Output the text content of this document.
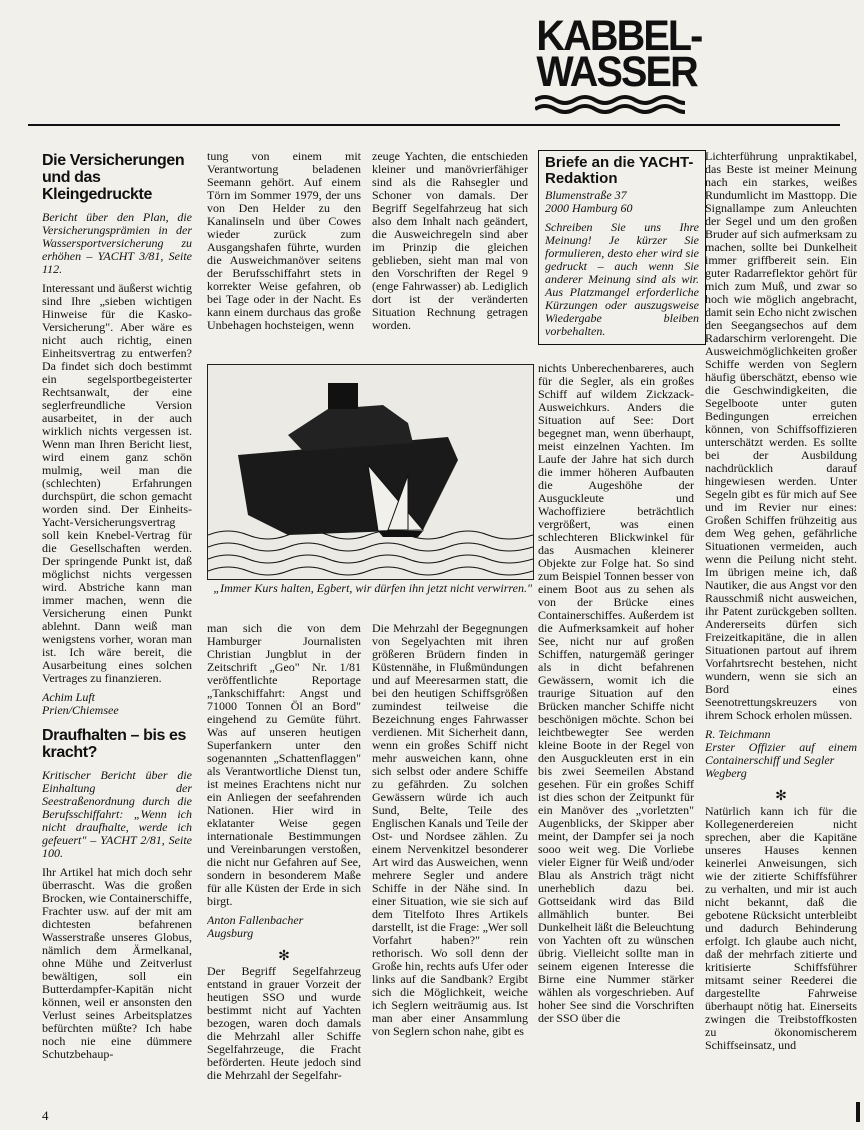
KABBEL-
WASSER
Die Versicherungen und das Kleingedruckte

Bericht über den Plan, die Versicherungsprämien in der Wassersportversicherung zu erhöhen – YACHT 3/81, Seite 112.

Interessant und äußerst wichtig sind Ihre „sieben wichtigen Hinweise für die Kasko-Versicherung". Aber wäre es nicht auch richtig, einen Einheitsvertrag zu entwerfen? Da findet sich doch bestimmt ein segelsportbegeisterter Rechtsanwalt, der eine seglerfreundliche Version ausarbeitet, in der auch wirklich nichts vergessen ist. Wenn man Ihren Bericht liest, wird einem ganz schön mulmig, weil man die (schlechten) Erfahrungen durchspürt, die schon gemacht worden sind. Der Einheits-Yacht-Versicherungsvertrag soll kein Knebel-Vertrag für die Gesellschaften werden. Der springende Punkt ist, daß möglichst nichts vergessen wird. Abstriche kann man immer machen, wenn die Versicherung einen Punkt ablehnt. Dann weiß man wenigstens vorher, woran man ist. Ich wäre bereit, die Ausarbeitung eines solchen Vertrages zu finanzieren.

Achim Luft
Prien/Chiemsee
Draufhalten – bis es kracht?

Kritischer Bericht über die Einhaltung der Seestraßenordnung durch die Berufsschiffahrt: „Wenn ich nicht draufhalte, werde ich gefeuert" – YACHT 2/81, Seite 100.

Ihr Artikel hat mich doch sehr überrascht. Was die großen Brocken, wie Containerschiffe, Frachter usw. auf der mit am dichtesten befahrenen Wasserstraße unseres Globus, nämlich dem Ärmelkanal, ohne Mühe und Zeitverlust bewältigen, soll ein Butterdampfer-Kapitän nicht können, weil er ansonsten den Verlust seines Arbeitsplatzes befürchten müßte? Ich habe noch nie eine dümmere Schutzbehaup-

tung von einem mit Verantwortung beladenen Seemann gehört. Auf einem Törn im Sommer 1979, der uns von Den Helder zu den Kanalinseln und über Cowes wieder zurück zum Ausgangshafen führte, wurden die Ausweichmanöver seitens der Berufsschiffahrt stets in korrekter Weise gefahren, ob bei Tage oder in der Nacht. Es kann einem durchaus das große Unbehagen hochsteigen, wenn

zeuge Yachten, die entschieden kleiner und manövrierfähiger sind als die Rahsegler und Schoner von damals. Der Begriff Segelfahrzeug hat sich also dem Inhalt nach geändert, die Ausweichregeln sind aber im Prinzip die gleichen geblieben, sieht man mal von den Vorschriften der Regel 9 (enge Fahrwasser) ab. Lediglich dort ist der veränderten Situation Rechnung getragen worden.

„Immer Kurs halten, Egbert, wir dürfen ihn jetzt nicht verwirren."

man sich die von dem Hamburger Journalisten Christian Jungblut in der Zeitschrift „Geo" Nr. 1/81 veröffentlichte Reportage „Tankschiffahrt: Angst und 71000 Tonnen Öl an Bord" eingehend zu Gemüte führt. Was auf unseren heutigen Superfankern unter den sogenannten „Schattenflaggen" als Verantwortliche Dienst tun, ist meines Erachtens nicht nur ein Anliegen der seefahrenden Nationen. Hier wird in eklatanter Weise gegen internationale Bestimmungen und Vereinbarungen verstoßen, die nicht nur Gefahren auf See, sondern in besonderem Maße für alle Küsten der Erde in sich birgt.

Anton Fallenbacher
Augsburg
✻

Der Begriff Segelfahrzeug entstand in grauer Vorzeit der heutigen SSO und wurde bestimmt nicht auf Yachten bezogen, waren doch damals die Mehrzahl aller Schiffe Segelfahrzeuge, die Fracht beförderten. Heute jedoch sind die Mehrzahl der Segelfahr-

Die Mehrzahl der Begegnungen von Segelyachten mit ihren größeren Brüdern finden in Küstennähe, in Flußmündungen und auf Meeresarmen statt, die bei den heutigen Schiffsgrößen zumindest teilweise die Bezeichnung enges Fahrwasser verdienen. Mit Sicherheit dann, wenn ein großes Schiff nicht mehr ausweichen kann, ohne sich selbst oder andere Schiffe zu gefährden. Zu solchen Gewässern würde ich auch Sund, Belte, Teile des Englischen Kanals und Teile der Ost- und Nordsee zählen. Zu einem Nervenkitzel besonderer Art wird das Ausweichen, wenn mehrere Segler und andere Schiffe in der Nähe sind. In einer Situation, wie sie sich auf dem Titelfoto Ihres Artikels darstellt, ist die Frage: „Wer soll Vorfahrt haben?" rein rethorisch. Wo soll denn der Große hin, rechts aufs Ufer oder links auf die Sandbank? Ergibt sich die Möglichkeit, weiche ich Seglern weiträumig aus. Ist man aber einer Ansammlung von Seglern schon nahe, gibt es

Briefe an die YACHT-Redaktion
Blumenstraße 37
2000 Hamburg 60
Schreiben Sie uns Ihre Meinung! Je kürzer Sie formulieren, desto eher wird sie gedruckt – auch wenn Sie anderer Meinung sind als wir. Aus Platzmangel erforderliche Kürzungen oder auszugsweise Wiedergabe bleiben vorbehalten.

nichts Unberechenbareres, auch für die Segler, als ein großes Schiff auf wildem Zickzack-Ausweichkurs. Anders die Situation auf See: Dort begegnet man, wenn überhaupt, meist einzelnen Yachten. Im Laufe der Jahre hat sich durch die immer höheren Aufbauten die Augeshöhe der Ausguckleute und Wachoffiziere beträchtlich vergrößert, was einen schlechteren Blickwinkel für das Ausmachen kleinerer Objekte zur Folge hat. So sind zum Beispiel Tonnen besser von einem Boot aus zu sehen als von der Brücke eines Containerschiffes. Außerdem ist die Aufmerksamkeit auf hoher See, nicht nur auf großen Schiffen, naturgemäß geringer als in dicht befahrenen Gewässern, womit ich die traurige Situation auf den Brücken mancher Schiffe nicht beschönigen möchte. Schon bei leichtbewegter See werden kleine Boote in der Regel von den Ausguckleuten erst in ein bis zwei Seemeilen Abstand gesehen. Für ein großes Schiff ist dies schon der Zeitpunkt für ein Manöver des „vorletzten" Augenblicks, der Skipper aber meint, der Dampfer sei ja noch sooo weit weg. Die Vorliebe vieler Eigner für Weiß und/oder Blau als Anstrich trägt nicht unerheblich dazu bei. Gottseidank wird das Bild allmählich bunter. Bei Dunkelheit läßt die Beleuchtung von Yachten oft zu wünschen übrig. Vielleicht sollte man in seinem eigenen Interesse die Birne eine Nummer stärker wählen als vorgeschrieben. Auf hoher See sind die Vorschriften der SSO über die

Lichterführung unpraktikabel, das Beste ist meiner Meinung nach ein starkes, weißes Rundumlicht im Masttopp. Die Signallampe zum Anleuchten der Segel und um den großen Bruder auf sich aufmerksam zu machen, sollte bei Dunkelheit immer griffbereit sein. Ein guter Radarreflektor gehört für mich zum Muß, und zwar so hoch wie möglich angebracht, damit sein Echo nicht zwischen den Seegangsechos auf dem Radarschirm verlorengeht. Die Ausweichmöglichkeiten großer Schiffe werden von Seglern häufig überschätzt, ebenso wie die Geschwindigkeiten, die Segelboote unter guten Bedingungen erreichen können, von Schiffsoffizieren unterschätzt werden. Es sollte bei der Ausbildung nachdrücklich darauf hingewiesen werden. Unter Segeln gibt es für mich auf See und im Revier nur eines: Großen Schiffen frühzeitig aus dem Weg gehen, gefährliche Situationen vermeiden, auch wenn die Peilung nicht steht. Im übrigen meine ich, daß Nautiker, die aus Angst vor den Rausschmiß nicht ausweichen, ihr Patent zurückgeben sollten. Andererseits dürfen sich Freizeitkapitäne, die in allen Situationen partout auf ihrem Vorfahrtsrecht bestehen, nicht wundern, wenn sie sich an Bord eines Seenotrettungskreuzers von ihrem Schock erholen müssen.

R. Teichmann
Erster Offizier auf einem Containerschiff und Segler
Wegberg
✻

Natürlich kann ich für die Kollegenerdereien nicht sprechen, aber die Kapitäne unseres Hauses kennen keinerlei Anweisungen, sich wie der zitierte Schiffsführer zu verhalten, und mir ist auch nicht bekannt, daß die gebotene Rücksicht unterbleibt und dadurch Behinderung erfolgt. Ich glaube auch nicht, daß der mehrfach zitierte und kritisierte Schiffsführer mitsamt seiner Reederei die dargestellte Fahrweise überhaupt nötig hat. Einerseits zwingen die Treibstoffkosten zu ökonomischerem Schiffseinsatz, und

4
